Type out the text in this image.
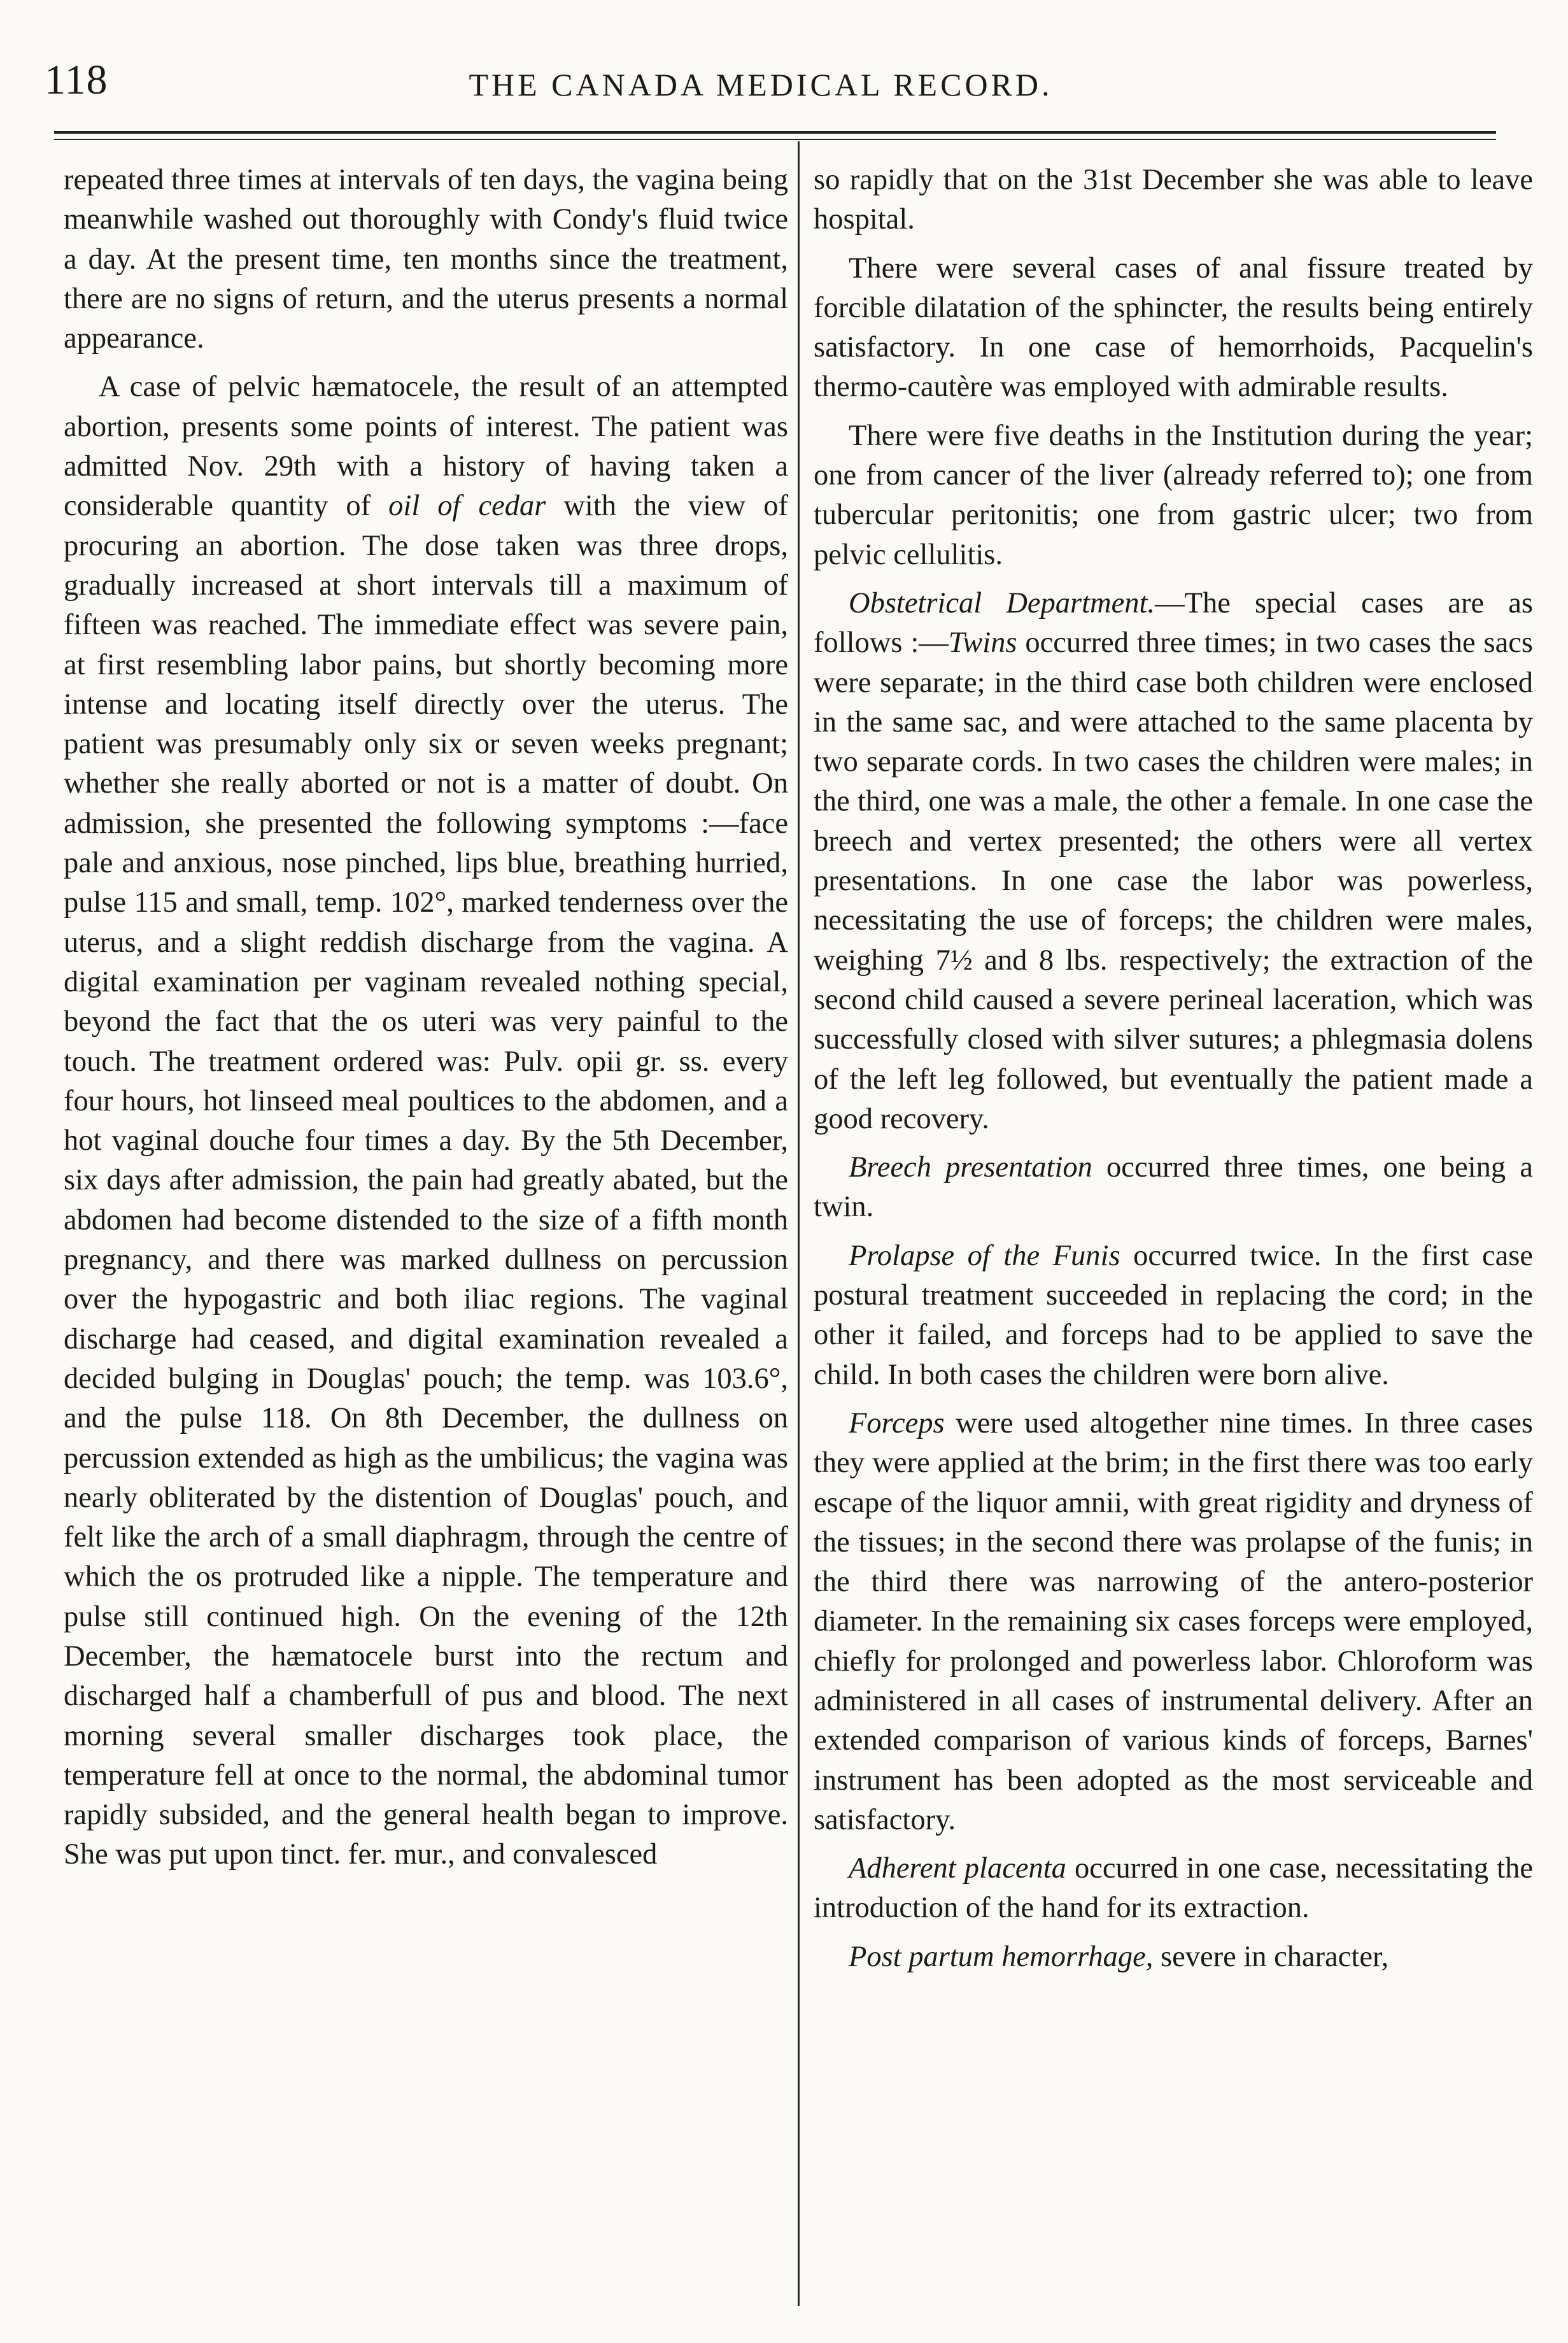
118	THE CANADA MEDICAL RECORD.

repeated three times at intervals of ten days, the vagina being meanwhile washed out thoroughly with Condy's fluid twice a day. At the present time, ten months since the treatment, there are no signs of return, and the uterus presents a normal appearance.

A case of pelvic hæmatocele, the result of an attempted abortion, presents some points of interest. The patient was admitted Nov. 29th with a history of having taken a considerable quantity of oil of cedar with the view of procuring an abortion. The dose taken was three drops, gradually increased at short intervals till a maximum of fifteen was reached. The immediate effect was severe pain, at first resembling labor pains, but shortly becoming more intense and locating itself directly over the uterus. The patient was presumably only six or seven weeks pregnant; whether she really aborted or not is a matter of doubt. On admission, she presented the following symptoms :—face pale and anxious, nose pinched, lips blue, breathing hurried, pulse 115 and small, temp. 102°, marked tenderness over the uterus, and a slight reddish discharge from the vagina. A digital examination per vaginam revealed nothing special, beyond the fact that the os uteri was very painful to the touch. The treatment ordered was: Pulv. opii gr. ss. every four hours, hot linseed meal poultices to the abdomen, and a hot vaginal douche four times a day. By the 5th December, six days after admission, the pain had greatly abated, but the abdomen had become distended to the size of a fifth month pregnancy, and there was marked dullness on percussion over the hypogastric and both iliac regions. The vaginal discharge had ceased, and digital examination revealed a decided bulging in Douglas' pouch; the temp. was 103.6°, and the pulse 118. On 8th December, the dullness on percussion extended as high as the umbilicus; the vagina was nearly obliterated by the distention of Douglas' pouch, and felt like the arch of a small diaphragm, through the centre of which the os protruded like a nipple. The temperature and pulse still continued high. On the evening of the 12th December, the hæmatocele burst into the rectum and discharged half a chamberfull of pus and blood. The next morning several smaller discharges took place, the temperature fell at once to the normal, the abdominal tumor rapidly subsided, and the general health began to improve. She was put upon tinct. fer. mur., and convalesced

so rapidly that on the 31st December she was able to leave hospital.

There were several cases of anal fissure treated by forcible dilatation of the sphincter, the results being entirely satisfactory. In one case of hemorrhoids, Pacquelin's thermo-cautère was employed with admirable results.

There were five deaths in the Institution during the year; one from cancer of the liver (already referred to); one from tubercular peritonitis; one from gastric ulcer; two from pelvic cellulitis.

Obstetrical Department.—The special cases are as follows :—Twins occurred three times; in two cases the sacs were separate; in the third case both children were enclosed in the same sac, and were attached to the same placenta by two separate cords. In two cases the children were males; in the third, one was a male, the other a female. In one case the breech and vertex presented; the others were all vertex presentations. In one case the labor was powerless, necessitating the use of forceps; the children were males, weighing 7½ and 8 lbs. respectively; the extraction of the second child caused a severe perineal laceration, which was successfully closed with silver sutures; a phlegmasia dolens of the left leg followed, but eventually the patient made a good recovery.

Breech presentation occurred three times, one being a twin.

Prolapse of the Funis occurred twice. In the first case postural treatment succeeded in replacing the cord; in the other it failed, and forceps had to be applied to save the child. In both cases the children were born alive.

Forceps were used altogether nine times. In three cases they were applied at the brim; in the first there was too early escape of the liquor amnii, with great rigidity and dryness of the tissues; in the second there was prolapse of the funis; in the third there was narrowing of the antero-posterior diameter. In the remaining six cases forceps were employed, chiefly for prolonged and powerless labor. Chloroform was administered in all cases of instrumental delivery. After an extended comparison of various kinds of forceps, Barnes' instrument has been adopted as the most serviceable and satisfactory.

Adherent placenta occurred in one case, necessitating the introduction of the hand for its extraction.

Post partum hemorrhage, severe in character,
